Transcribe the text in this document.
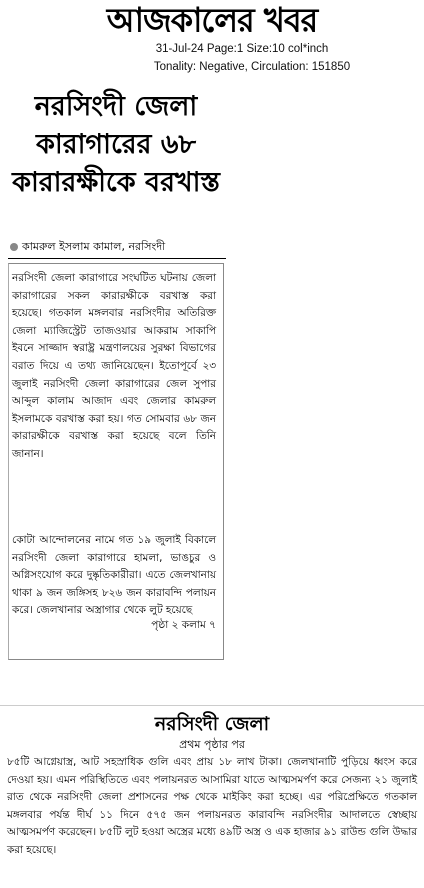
আজকালের খবর
31-Jul-24 Page:1 Size:10 col*inch
Tonality: Negative, Circulation: 151850
নরসিংদী জেলা কারাগারের ৬৮ কারারক্ষীকে বরখাস্ত
কামরুল ইসলাম কামাল, নরসিংদী
নরসিংদী জেলা কারাগারে সংঘটিত ঘটনায় জেলা কারাগারের সকল কারারক্ষীকে বরখাস্ত করা হয়েছে। গতকাল মঙ্গলবার নরসিংদীর অতিরিক্ত জেলা ম্যাজিস্ট্রেট তাজওয়ার আকরাম সাকাপি ইবনে সাজ্জাদ স্বরাষ্ট্র মন্ত্রণালয়ের সুরক্ষা বিভাগের বরাত দিয়ে এ তথ্য জানিয়েছেন। ইতোপূর্বে ২৩ জুলাই নরসিংদী জেলা কারাগারের জেল সুপার আব্দুল কালাম আজাদ এবং জেলার কামরুল ইসলামকে বরখাস্ত করা হয়। গত সোমবার ৬৮ জন কারারক্ষীকে বরখাস্ত করা হয়েছে বলে তিনি জানান।
কোটা আন্দোলনের নামে গত ১৯ জুলাই বিকালে নরসিংদী জেলা কারাগারে হামলা, ভাঙচুর ও অগ্নিসংযোগ করে দুষ্কৃতিকারীরা। এতে জেলখানায় থাকা ৯ জন জঙ্গিসহ ৮২৬ জন কারাবন্দি পলায়ন করে। জেলখানার অস্ত্রাগার থেকে লুট হয়েছে
পৃষ্ঠা ২ কলাম ৭
নরসিংদী জেলা
প্রথম পৃষ্ঠার পর
৮৫টি আগ্নেয়াস্ত্র, আট সহস্রাধিক গুলি এবং প্রায় ১৮ লাখ টাকা। জেলখানাটি পুড়িয়ে ধ্বংস করে দেওয়া হয়। এমন পরিস্থিতিতে এবং পলায়নরত আসামিরা যাতে আত্মসমর্পণ করে সেজন্য ২১ জুলাই রাত থেকে নরসিংদী জেলা প্রশাসনের পক্ষ থেকে মাইকিং করা হচ্ছে। এর পরিপ্রেক্ষিতে গতকাল মঙ্গলবার পর্যন্ত দীর্ঘ ১১ দিনে ৫৭৫ জন পলায়নরত কারাবন্দি নরসিংদীর আদালতে স্বেচ্ছায় আত্মসমর্পণ করেছেন। ৮৫টি লুট হওয়া অস্ত্রের মধ্যে ৪৯টি অস্ত্র ও এক হাজার ৯১ রাউন্ড গুলি উদ্ধার করা হয়েছে।
